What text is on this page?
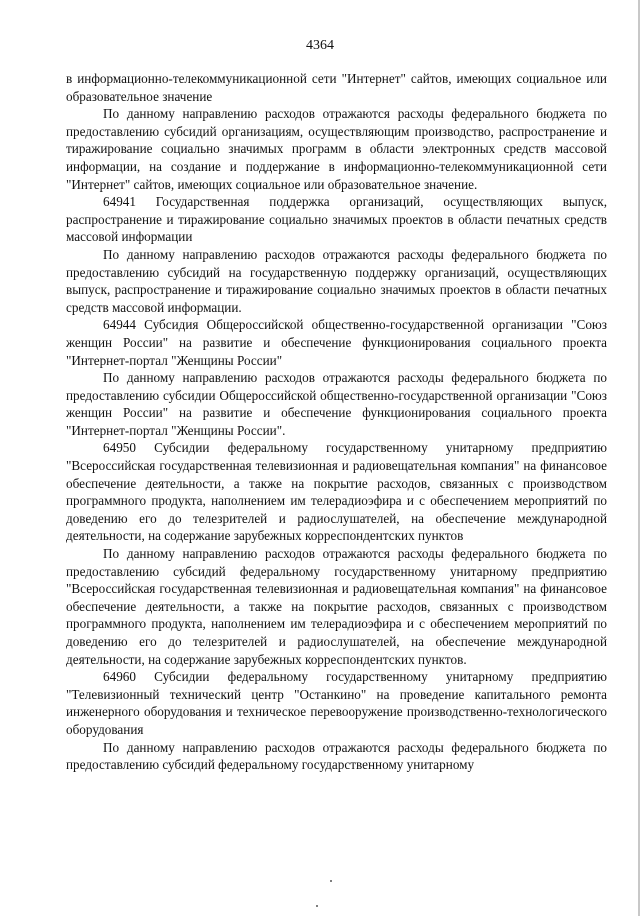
4364

в информационно-телекоммуникационной сети "Интернет" сайтов, имеющих социальное или образовательное значение

По данному направлению расходов отражаются расходы федерального бюджета по предоставлению субсидий организациям, осуществляющим производство, распространение и тиражирование социально значимых программ в области электронных средств массовой информации, на создание и поддержание в информационно-телекоммуникационной сети "Интернет" сайтов, имеющих социальное или образовательное значение.

64941 Государственная поддержка организаций, осуществляющих выпуск, распространение и тиражирование социально значимых проектов в области печатных средств массовой информации

По данному направлению расходов отражаются расходы федерального бюджета по предоставлению субсидий на государственную поддержку организаций, осуществляющих выпуск, распространение и тиражирование социально значимых проектов в области печатных средств массовой информации.

64944 Субсидия Общероссийской общественно-государственной организации "Союз женщин России" на развитие и обеспечение функционирования социального проекта "Интернет-портал "Женщины России"

По данному направлению расходов отражаются расходы федерального бюджета по предоставлению субсидии Общероссийской общественно-государственной организации "Союз женщин России" на развитие и обеспечение функционирования социального проекта "Интернет-портал "Женщины России".

64950 Субсидии федеральному государственному унитарному предприятию "Всероссийская государственная телевизионная и радиовещательная компания" на финансовое обеспечение деятельности, а также на покрытие расходов, связанных с производством программного продукта, наполнением им телерадиоэфира и с обеспечением мероприятий по доведению его до телезрителей и радиослушателей, на обеспечение международной деятельности, на содержание зарубежных корреспондентских пунктов

По данному направлению расходов отражаются расходы федерального бюджета по предоставлению субсидий федеральному государственному унитарному предприятию "Всероссийская государственная телевизионная и радиовещательная компания" на финансовое обеспечение деятельности, а также на покрытие расходов, связанных с производством программного продукта, наполнением им телерадиоэфира и с обеспечением мероприятий по доведению его до телезрителей и радиослушателей, на обеспечение международной деятельности, на содержание зарубежных корреспондентских пунктов.

64960 Субсидии федеральному государственному унитарному предприятию "Телевизионный технический центр "Останкино" на проведение капитального ремонта инженерного оборудования и техническое перевооружение производственно-технологического оборудования

По данному направлению расходов отражаются расходы федерального бюджета по предоставлению субсидий федеральному государственному унитарному
